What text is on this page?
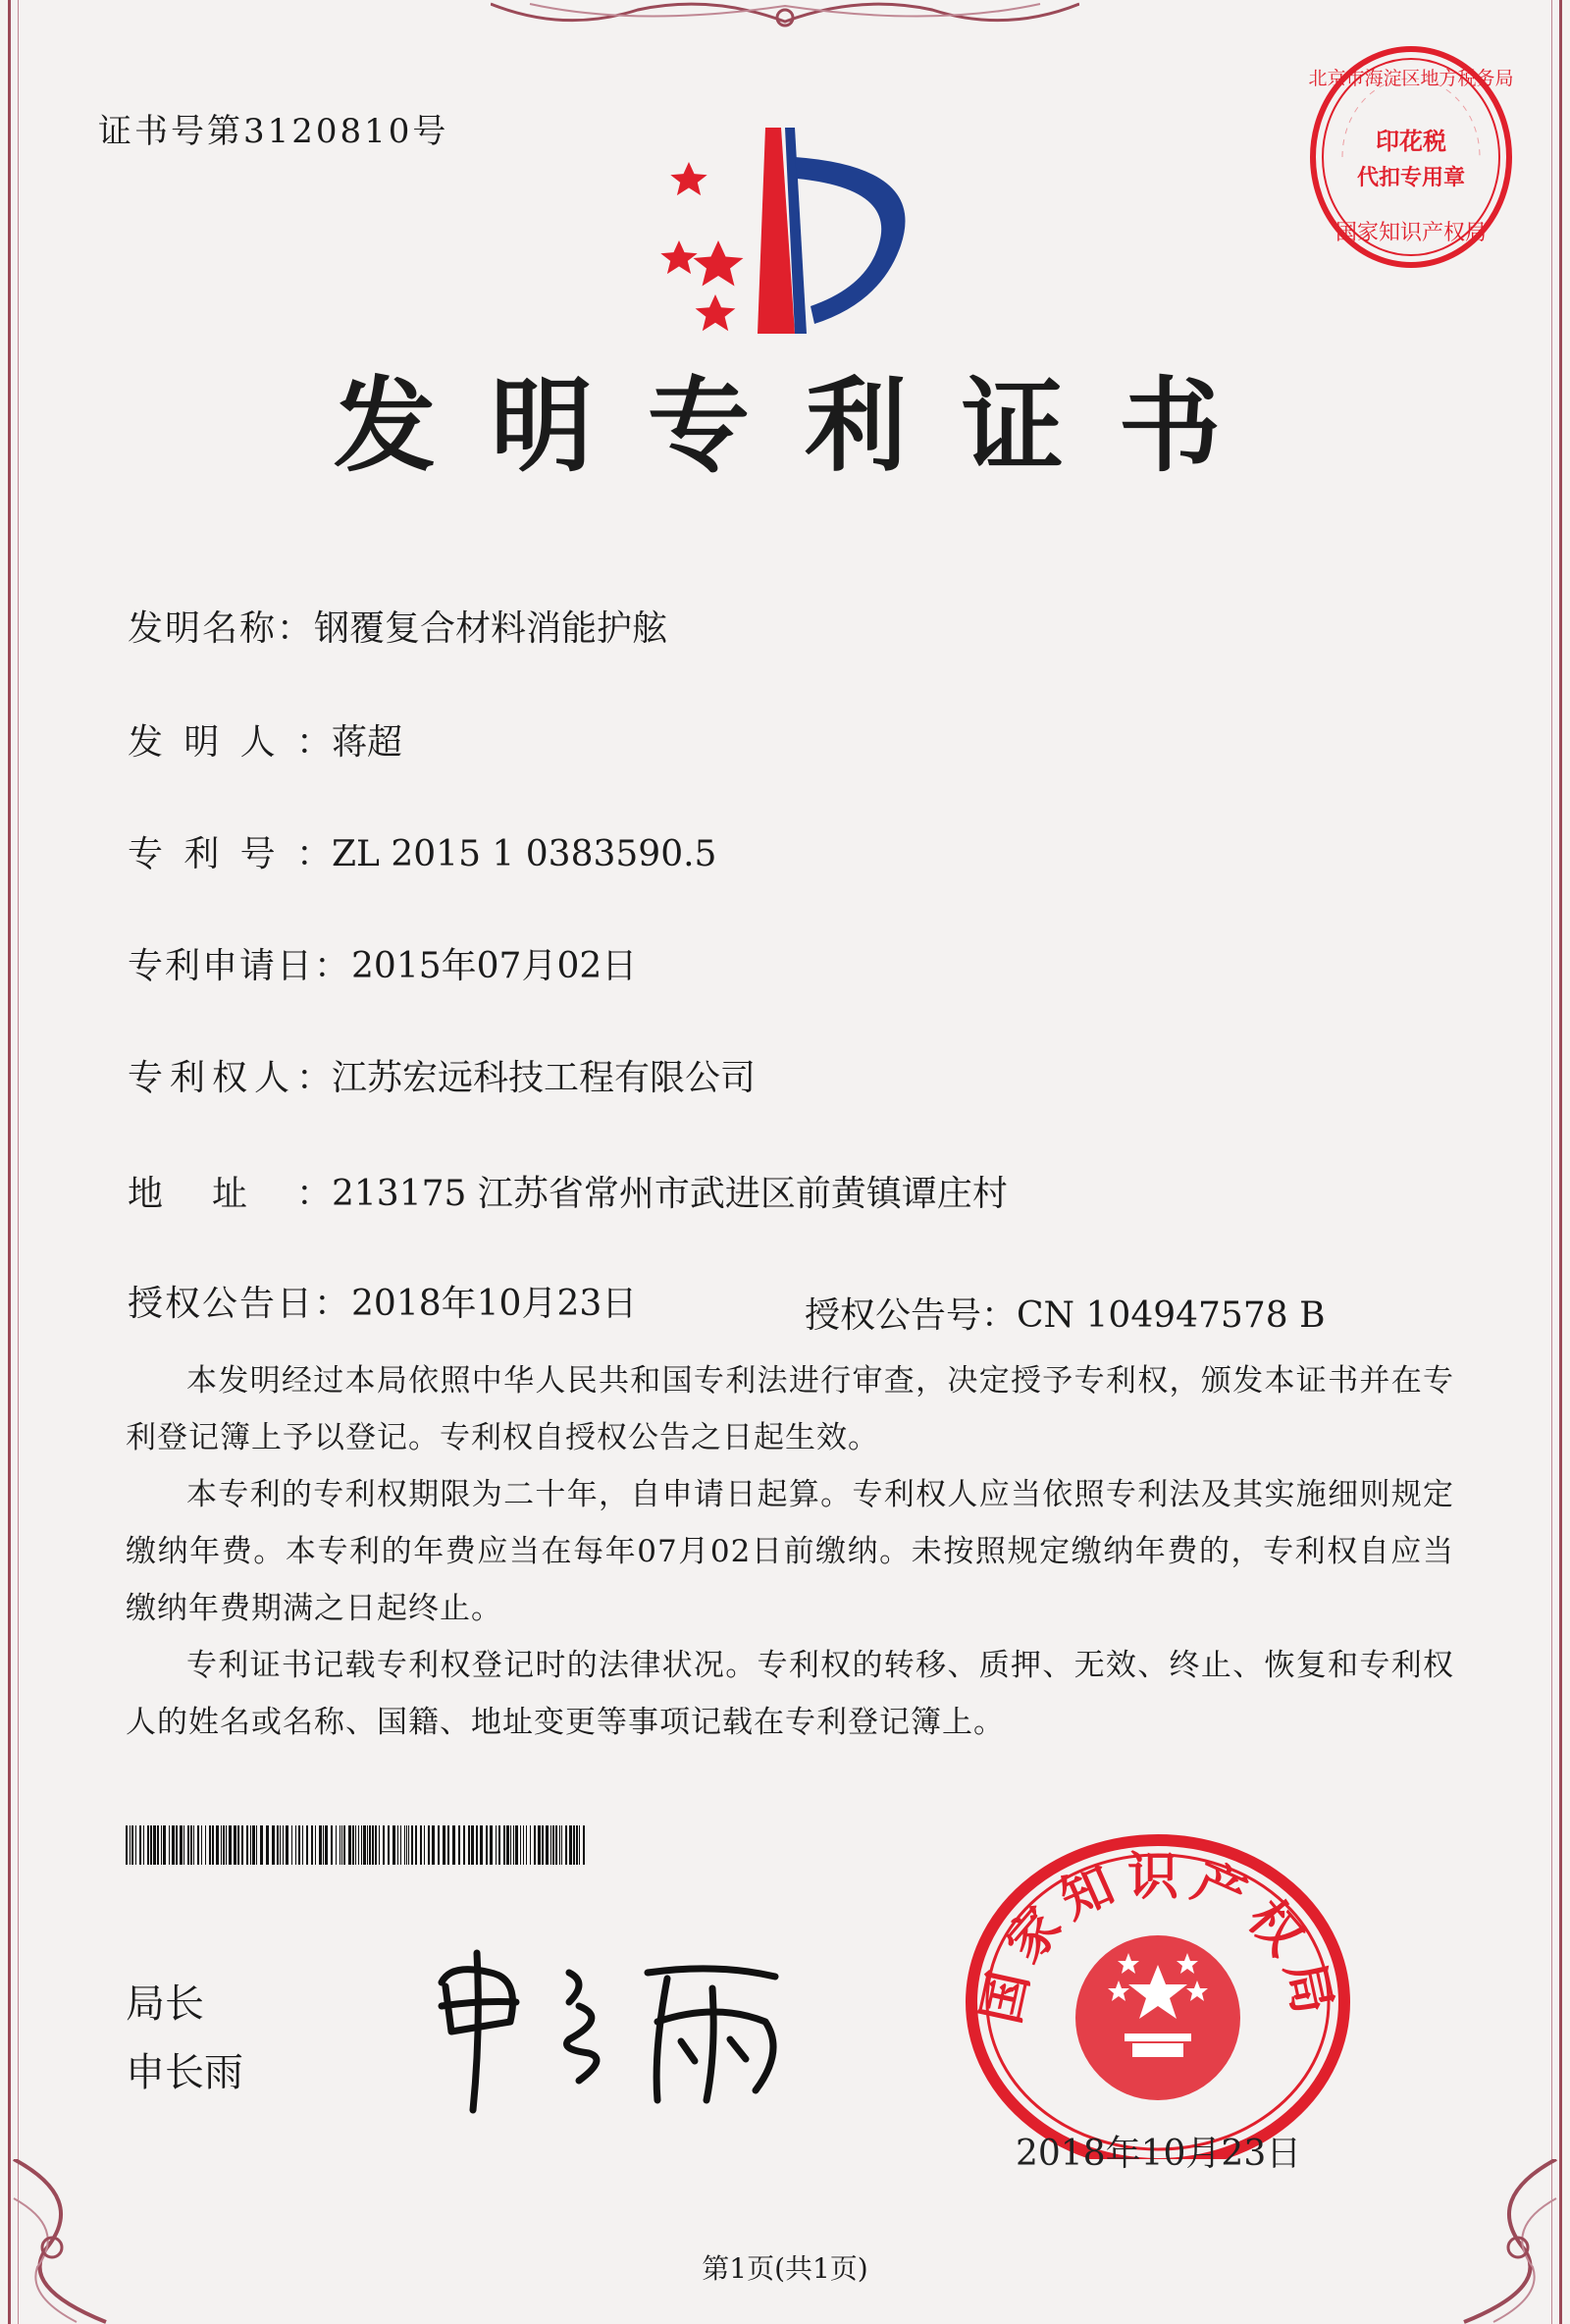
证书号第3120810号
北京市海淀区地方税务局
印花税
代扣专用章
国家知识产权局
发明专利证书
发明名称：钢覆复合材料消能护舷
发明人：蒋超
专利号：ZL 2015 1 0383590.5
专利申请日：2015年07月02日
专利权人：江苏宏远科技工程有限公司
地址：213175 江苏省常州市武进区前黄镇谭庄村
授权公告日：2018年10月23日	授权公告号：CN 104947578 B

本发明经过本局依照中华人民共和国专利法进行审查，决定授予专利权，颁发本证书并在专利登记簿上予以登记。专利权自授权公告之日起生效。

本专利的专利权期限为二十年，自申请日起算。专利权人应当依照专利法及其实施细则规定缴纳年费。本专利的年费应当在每年07月02日前缴纳。未按照规定缴纳年费的，专利权自应当缴纳年费期满之日起终止。

专利证书记载专利权登记时的法律状况。专利权的转移、质押、无效、终止、恢复和专利权人的姓名或名称、国籍、地址变更等事项记载在专利登记簿上。

局长
申长雨
国家知识产权局
2018年10月23日
第1页(共1页)
